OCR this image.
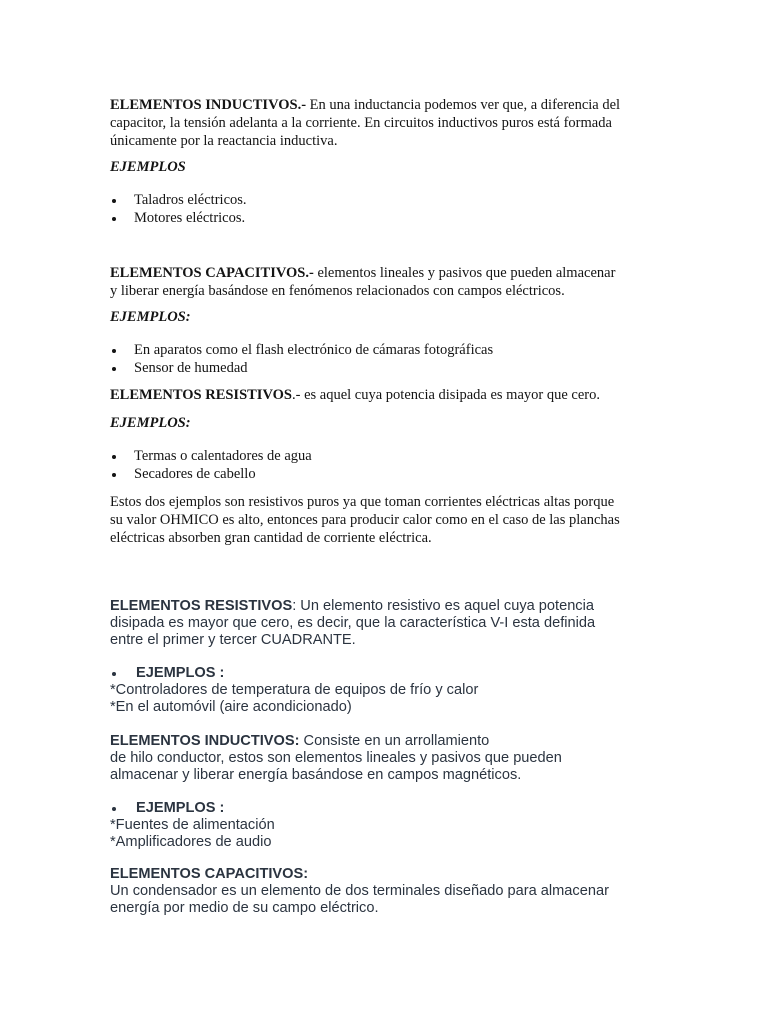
ELEMENTOS INDUCTIVOS.- En una inductancia podemos ver que, a diferencia del
capacitor, la tensión adelanta a la corriente. En circuitos inductivos puros está formada
únicamente por la reactancia inductiva.
EJEMPLOS
Taladros eléctricos.
Motores eléctricos.
ELEMENTOS CAPACITIVOS.- elementos lineales y pasivos que pueden almacenar
y liberar energía basándose en fenómenos relacionados con campos eléctricos.
EJEMPLOS:
En aparatos como el flash electrónico de cámaras fotográficas
Sensor de humedad
ELEMENTOS RESISTIVOS.- es aquel cuya potencia disipada es mayor que cero.
EJEMPLOS:
Termas o calentadores de agua
Secadores de cabello
Estos dos ejemplos son resistivos puros ya que toman corrientes eléctricas altas porque
su valor OHMICO es alto, entonces para producir calor como en el caso de las planchas
eléctricas absorben gran cantidad de corriente eléctrica.
ELEMENTOS RESISTIVOS: Un elemento resistivo es aquel cuya potencia
disipada es mayor que cero, es decir, que la característica V-I esta definida
entre el primer y tercer CUADRANTE.
EJEMPLOS :
*Controladores de temperatura de equipos de frío y calor
*En el automóvil (aire acondicionado)
ELEMENTOS INDUCTIVOS: Consiste en un arrollamiento
de hilo conductor, estos son elementos lineales y pasivos que pueden
almacenar y liberar energía basándose en campos magnéticos.
EJEMPLOS :
*Fuentes de alimentación
*Amplificadores de audio
ELEMENTOS CAPACITIVOS:
Un condensador es un elemento de dos terminales diseñado para almacenar
energía por medio de su campo eléctrico.
